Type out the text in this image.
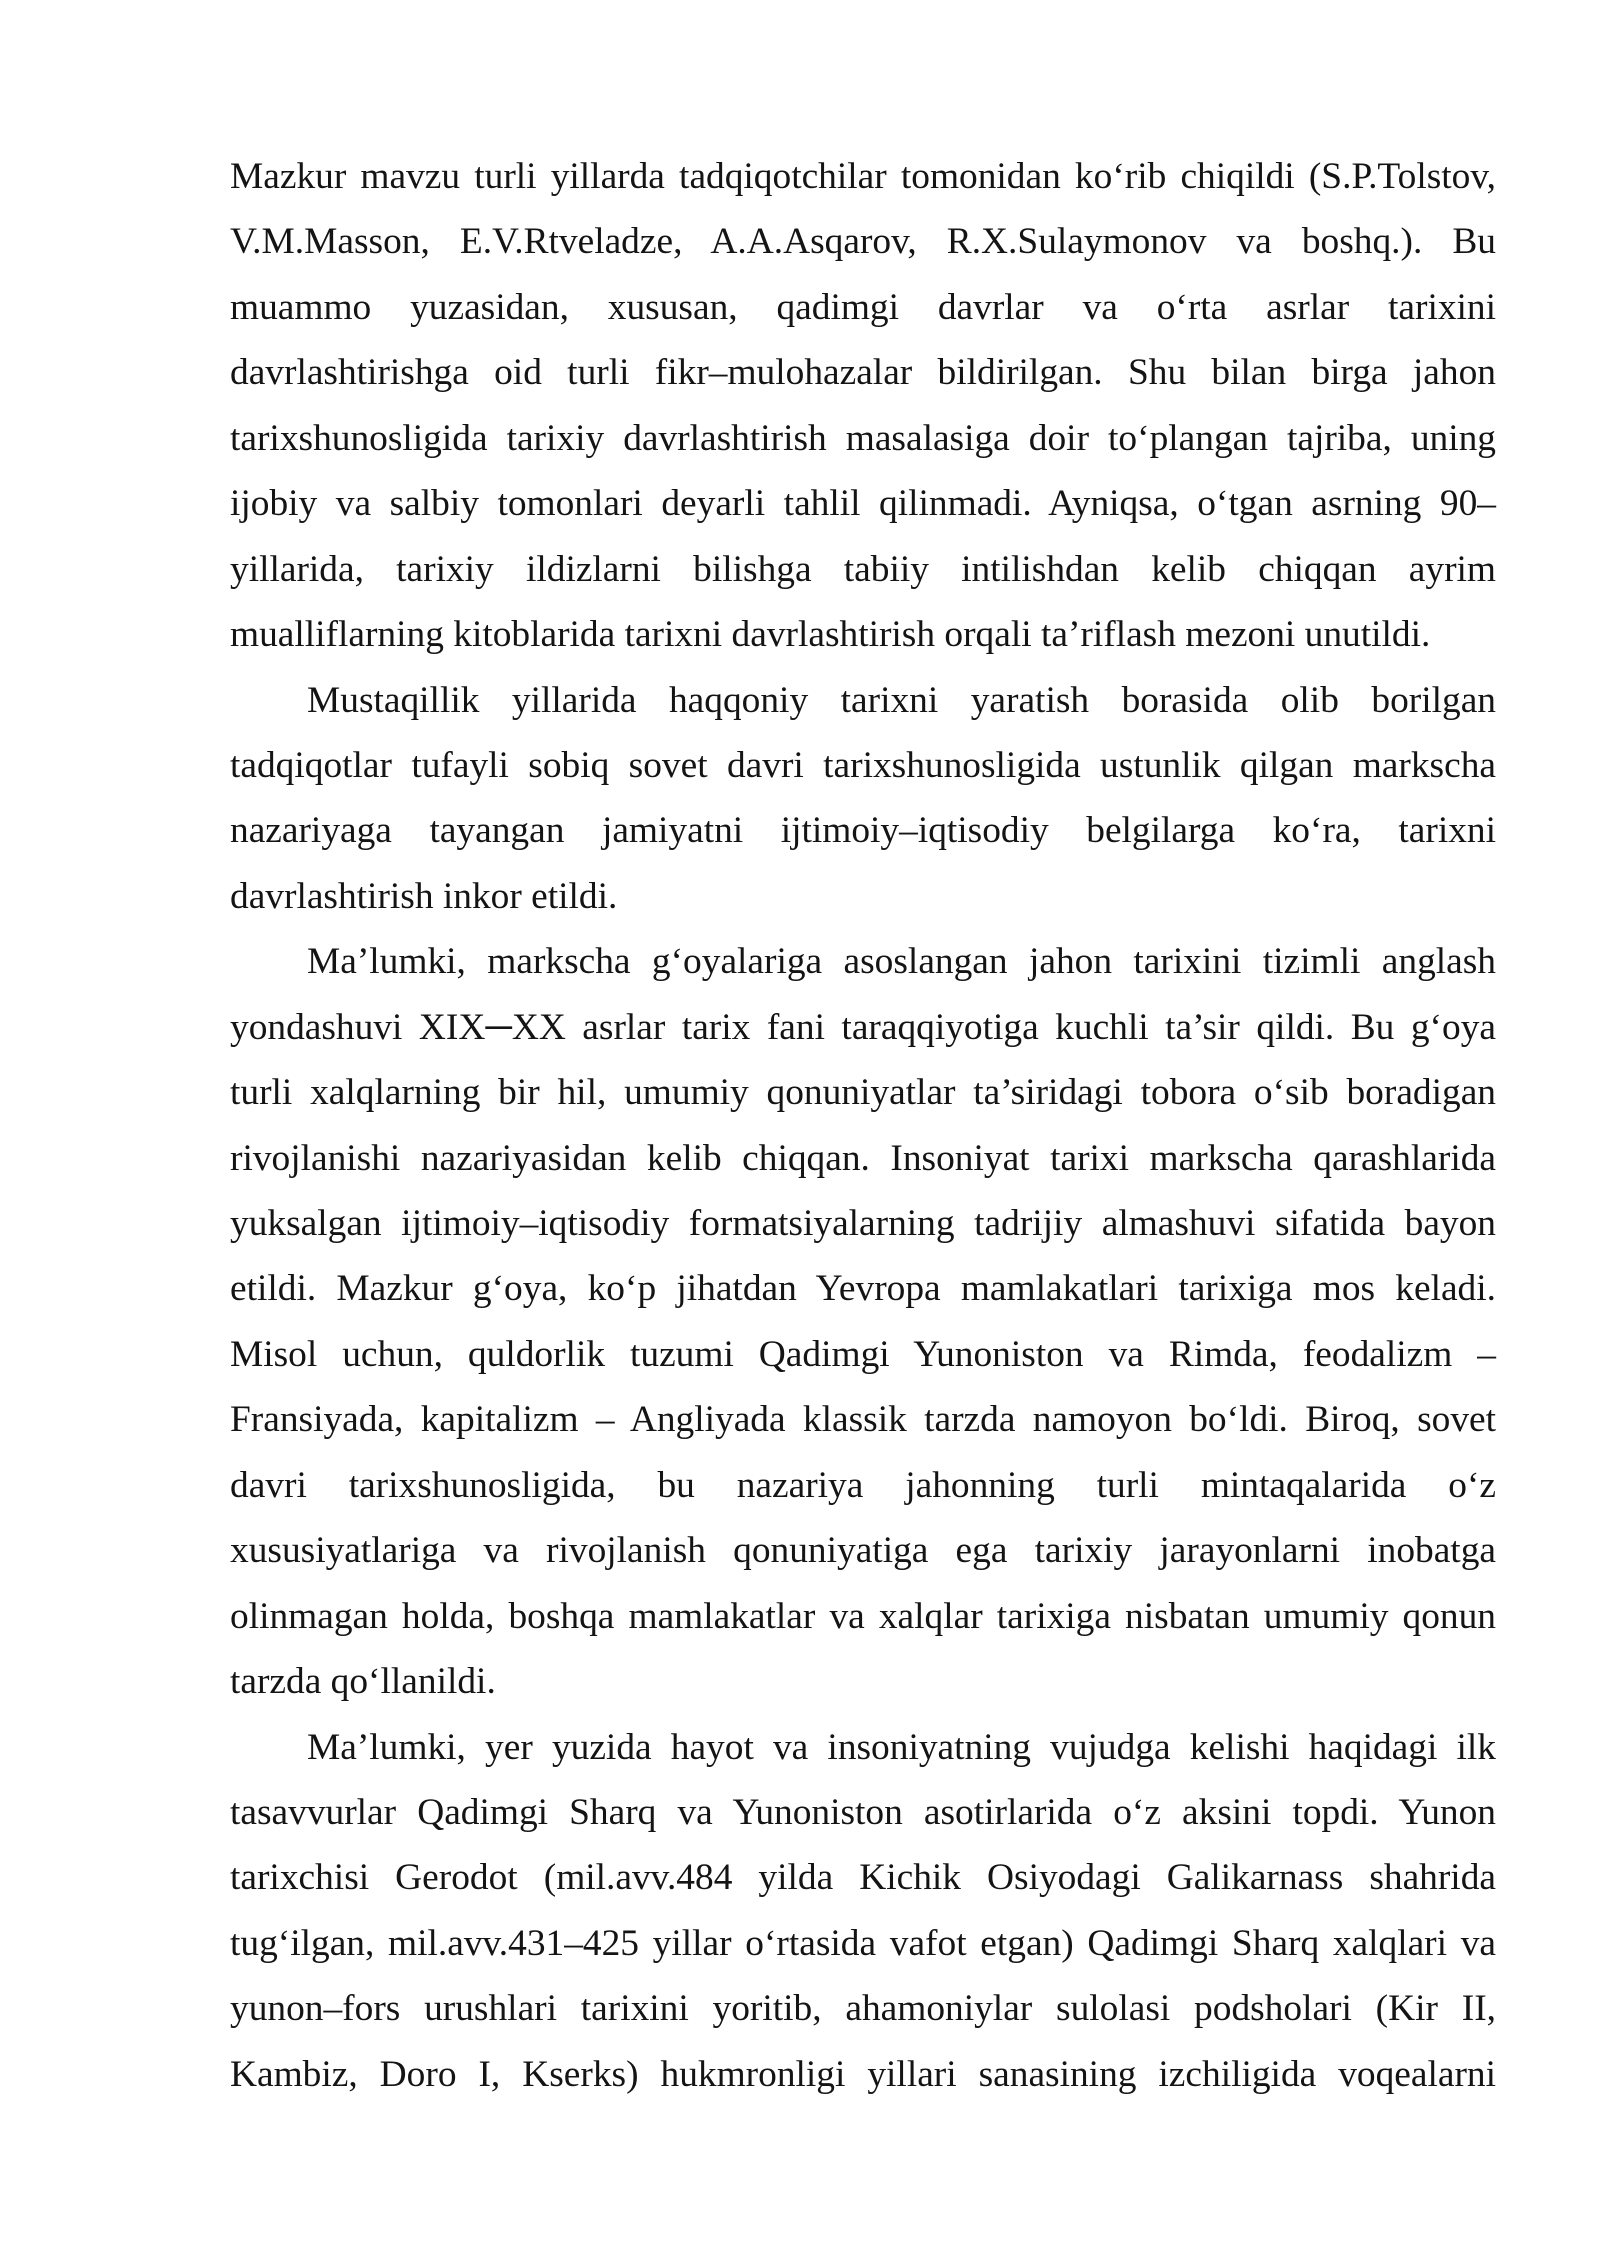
Mazkur mavzu turli yillarda tadqiqotchilar tomonidan ko‘rib chiqildi (S.P.Tolstov,
V.M.Masson, E.V.Rtveladze, A.A.Asqarov, R.X.Sulaymonov va boshq.). Bu
muammo yuzasidan, xususan, qadimgi davrlar va o‘rta asrlar tarixini
davrlashtirishga oid turli fikr–mulohazalar bildirilgan. Shu bilan birga jahon
tarixshunosligida tarixiy davrlashtirish masalasiga doir to‘plangan tajriba, uning
ijobiy va salbiy tomonlari deyarli tahlil qilinmadi. Ayniqsa, o‘tgan asrning 90–
yillarida, tarixiy ildizlarni bilishga tabiiy intilishdan kelib chiqqan ayrim
mualliflarning kitoblarida tarixni davrlashtirish orqali ta’riflash mezoni unutildi.
Mustaqillik yillarida haqqoniy tarixni yaratish borasida olib borilgan
tadqiqotlar tufayli sobiq sovet davri tarixshunosligida ustunlik qilgan markscha
nazariyaga tayangan jamiyatni ijtimoiy–iqtisodiy belgilarga ko‘ra, tarixni
davrlashtirish inkor etildi.
Ma’lumki, markscha g‘oyalariga asoslangan jahon tarixini tizimli anglash
yondashuvi XIX─XX asrlar tarix fani taraqqiyotiga kuchli ta’sir qildi. Bu g‘oya
turli xalqlarning bir hil, umumiy qonuniyatlar ta’siridagi tobora o‘sib boradigan
rivojlanishi nazariyasidan kelib chiqqan. Insoniyat tarixi markscha qarashlarida
yuksalgan ijtimoiy–iqtisodiy formatsiyalarning tadrijiy almashuvi sifatida bayon
etildi. Mazkur g‘oya, ko‘p jihatdan Yevropa mamlakatlari tarixiga mos keladi.
Misol uchun, quldorlik tuzumi Qadimgi Yunoniston va Rimda, feodalizm –
Fransiyada, kapitalizm – Angliyada klassik tarzda namoyon bo‘ldi. Biroq, sovet
davri tarixshunosligida, bu nazariya jahonning turli mintaqalarida o‘z
xususiyatlariga va rivojlanish qonuniyatiga ega tarixiy jarayonlarni inobatga
olinmagan holda, boshqa mamlakatlar va xalqlar tarixiga nisbatan umumiy qonun
tarzda qo‘llanildi.
Ma’lumki, yer yuzida hayot va insoniyatning vujudga kelishi haqidagi ilk
tasavvurlar Qadimgi Sharq va Yunoniston asotirlarida o‘z aksini topdi. Yunon
tarixchisi Gerodot (mil.avv.484 yilda Kichik Osiyodagi Galikarnass shahrida
tug‘ilgan, mil.avv.431–425 yillar o‘rtasida vafot etgan) Qadimgi Sharq xalqlari va
yunon–fors urushlari tarixini yoritib, ahamoniylar sulolasi podsholari (Kir II,
Kambiz, Doro I, Kserks) hukmronligi yillari sanasining izchiligida voqealarni
